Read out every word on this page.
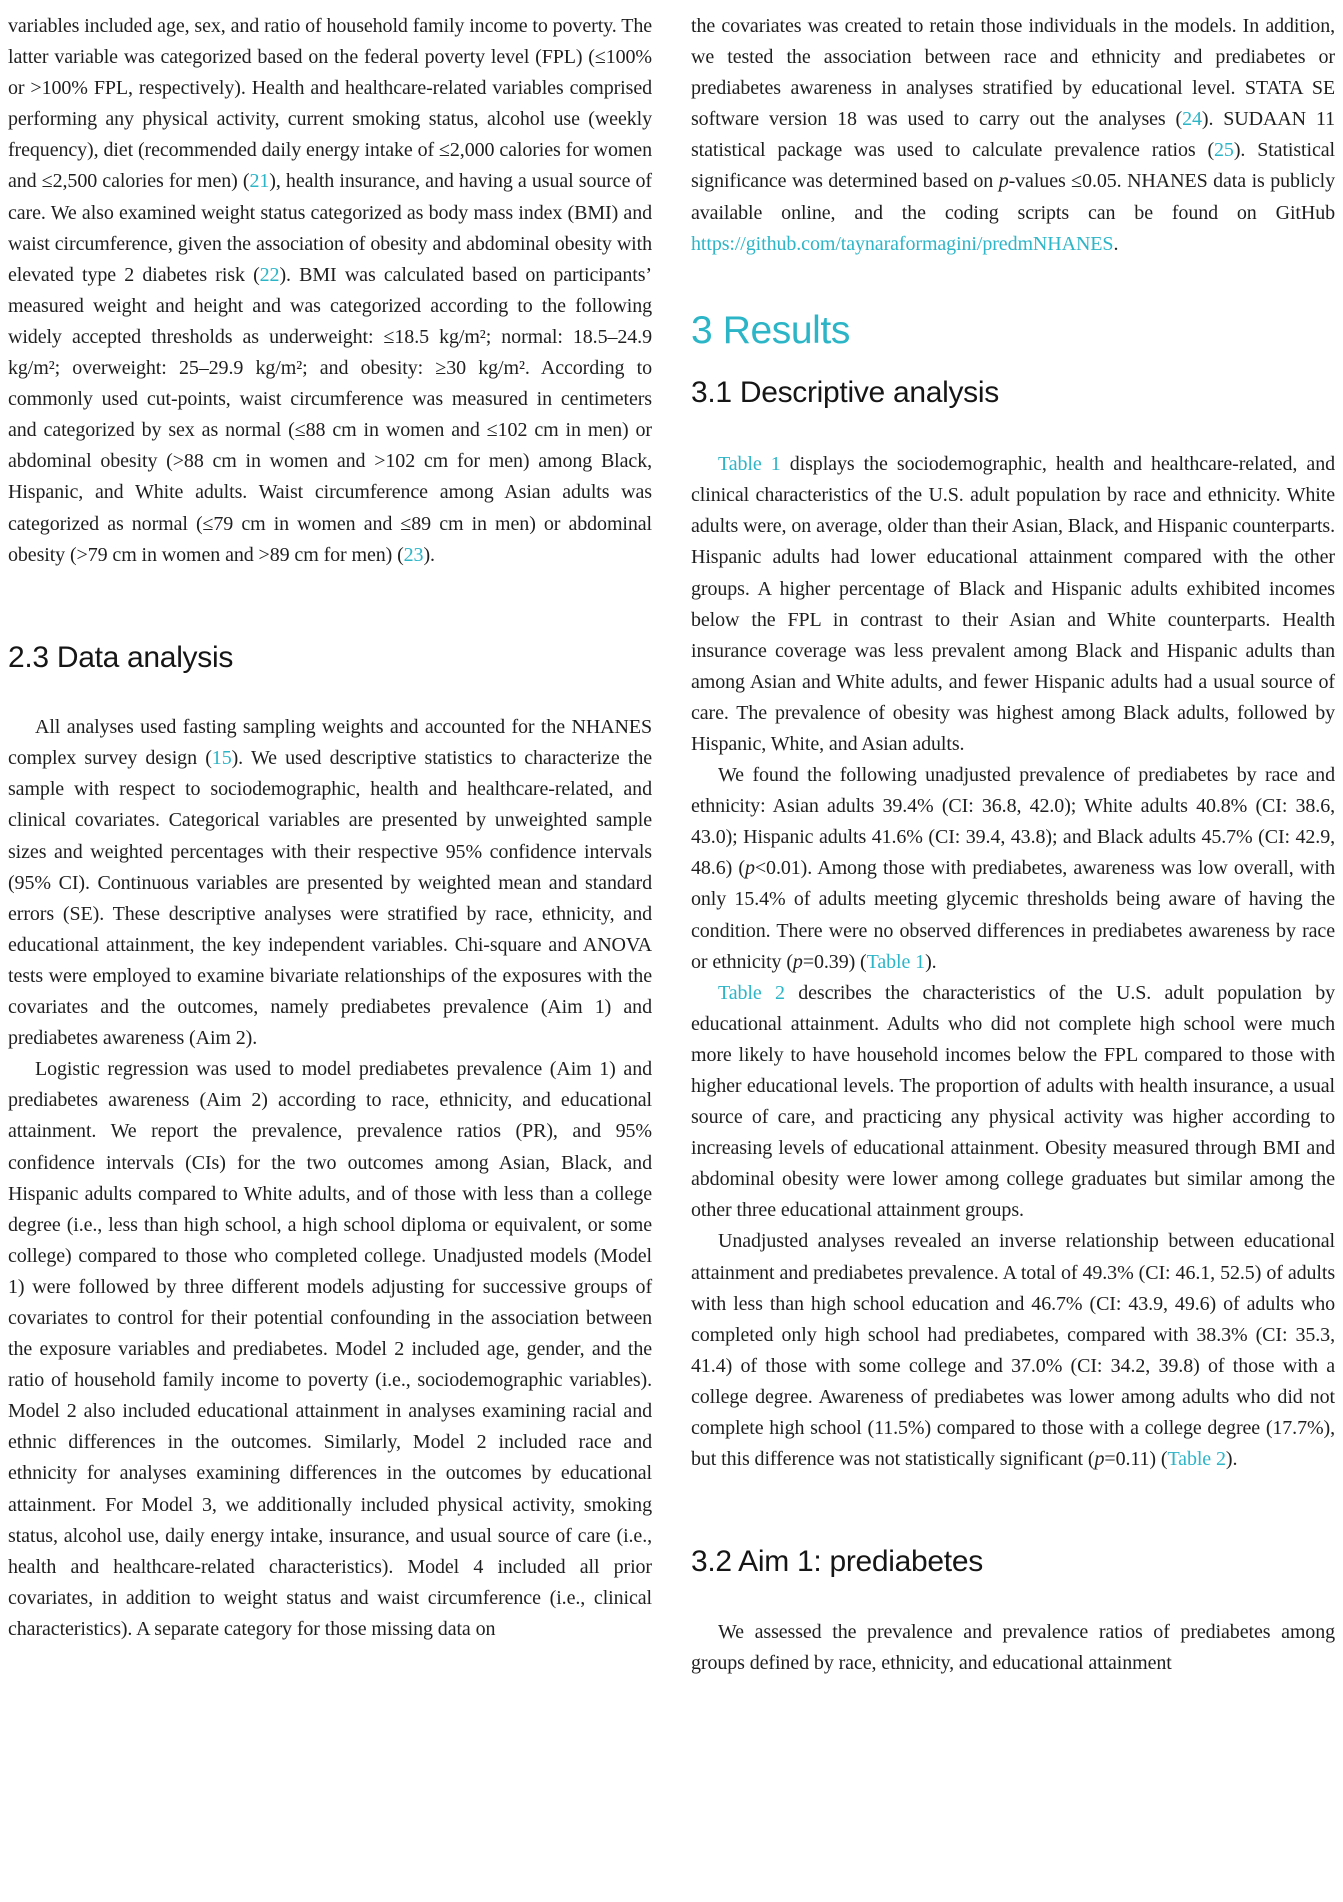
variables included age, sex, and ratio of household family income to poverty. The latter variable was categorized based on the federal poverty level (FPL) (≤100% or >100% FPL, respectively). Health and healthcare-related variables comprised performing any physical activity, current smoking status, alcohol use (weekly frequency), diet (recommended daily energy intake of ≤2,000 calories for women and ≤2,500 calories for men) (21), health insurance, and having a usual source of care. We also examined weight status categorized as body mass index (BMI) and waist circumference, given the association of obesity and abdominal obesity with elevated type 2 diabetes risk (22). BMI was calculated based on participants’ measured weight and height and was categorized according to the following widely accepted thresholds as underweight: ≤18.5 kg/m²; normal: 18.5–24.9 kg/m²; overweight: 25–29.9 kg/m²; and obesity: ≥30 kg/m². According to commonly used cut-points, waist circumference was measured in centimeters and categorized by sex as normal (≤88 cm in women and ≤102 cm in men) or abdominal obesity (>88 cm in women and >102 cm for men) among Black, Hispanic, and White adults. Waist circumference among Asian adults was categorized as normal (≤79 cm in women and ≤89 cm in men) or abdominal obesity (>79 cm in women and >89 cm for men) (23).

2.3 Data analysis

All analyses used fasting sampling weights and accounted for the NHANES complex survey design (15). We used descriptive statistics to characterize the sample with respect to sociodemographic, health and healthcare-related, and clinical covariates. Categorical variables are presented by unweighted sample sizes and weighted percentages with their respective 95% confidence intervals (95% CI). Continuous variables are presented by weighted mean and standard errors (SE). These descriptive analyses were stratified by race, ethnicity, and educational attainment, the key independent variables. Chi-square and ANOVA tests were employed to examine bivariate relationships of the exposures with the covariates and the outcomes, namely prediabetes prevalence (Aim 1) and prediabetes awareness (Aim 2).

Logistic regression was used to model prediabetes prevalence (Aim 1) and prediabetes awareness (Aim 2) according to race, ethnicity, and educational attainment. We report the prevalence, prevalence ratios (PR), and 95% confidence intervals (CIs) for the two outcomes among Asian, Black, and Hispanic adults compared to White adults, and of those with less than a college degree (i.e., less than high school, a high school diploma or equivalent, or some college) compared to those who completed college. Unadjusted models (Model 1) were followed by three different models adjusting for successive groups of covariates to control for their potential confounding in the association between the exposure variables and prediabetes. Model 2 included age, gender, and the ratio of household family income to poverty (i.e., sociodemographic variables). Model 2 also included educational attainment in analyses examining racial and ethnic differences in the outcomes. Similarly, Model 2 included race and ethnicity for analyses examining differences in the outcomes by educational attainment. For Model 3, we additionally included physical activity, smoking status, alcohol use, daily energy intake, insurance, and usual source of care (i.e., health and healthcare-related characteristics). Model 4 included all prior covariates, in addition to weight status and waist circumference (i.e., clinical characteristics). A separate category for those missing data on

the covariates was created to retain those individuals in the models. In addition, we tested the association between race and ethnicity and prediabetes or prediabetes awareness in analyses stratified by educational level. STATA SE software version 18 was used to carry out the analyses (24). SUDAAN 11 statistical package was used to calculate prevalence ratios (25). Statistical significance was determined based on p-values ≤0.05. NHANES data is publicly available online, and the coding scripts can be found on GitHub https://github.com/​taynaraformagini/predmNHANES.

3 Results
3.1 Descriptive analysis

Table 1 displays the sociodemographic, health and healthcare-related, and clinical characteristics of the U.S. adult population by race and ethnicity. White adults were, on average, older than their Asian, Black, and Hispanic counterparts. Hispanic adults had lower educational attainment compared with the other groups. A higher percentage of Black and Hispanic adults exhibited incomes below the FPL in contrast to their Asian and White counterparts. Health insurance coverage was less prevalent among Black and Hispanic adults than among Asian and White adults, and fewer Hispanic adults had a usual source of care. The prevalence of obesity was highest among Black adults, followed by Hispanic, White, and Asian adults.

We found the following unadjusted prevalence of prediabetes by race and ethnicity: Asian adults 39.4% (CI: 36.8, 42.0); White adults 40.8% (CI: 38.6, 43.0); Hispanic adults 41.6% (CI: 39.4, 43.8); and Black adults 45.7% (CI: 42.9, 48.6) (p<0.01). Among those with prediabetes, awareness was low overall, with only 15.4% of adults meeting glycemic thresholds being aware of having the condition. There were no observed differences in prediabetes awareness by race or ethnicity (p=0.39) (Table 1).

Table 2 describes the characteristics of the U.S. adult population by educational attainment. Adults who did not complete high school were much more likely to have household incomes below the FPL compared to those with higher educational levels. The proportion of adults with health insurance, a usual source of care, and practicing any physical activity was higher according to increasing levels of educational attainment. Obesity measured through BMI and abdominal obesity were lower among college graduates but similar among the other three educational attainment groups.

Unadjusted analyses revealed an inverse relationship between educational attainment and prediabetes prevalence. A total of 49.3% (CI: 46.1, 52.5) of adults with less than high school education and 46.7% (CI: 43.9, 49.6) of adults who completed only high school had prediabetes, compared with 38.3% (CI: 35.3, 41.4) of those with some college and 37.0% (CI: 34.2, 39.8) of those with a college degree. Awareness of prediabetes was lower among adults who did not complete high school (11.5%) compared to those with a college degree (17.7%), but this difference was not statistically significant (p=0.11) (Table 2).

3.2 Aim 1: prediabetes

We assessed the prevalence and prevalence ratios of prediabetes among groups defined by race, ethnicity, and educational attainment
